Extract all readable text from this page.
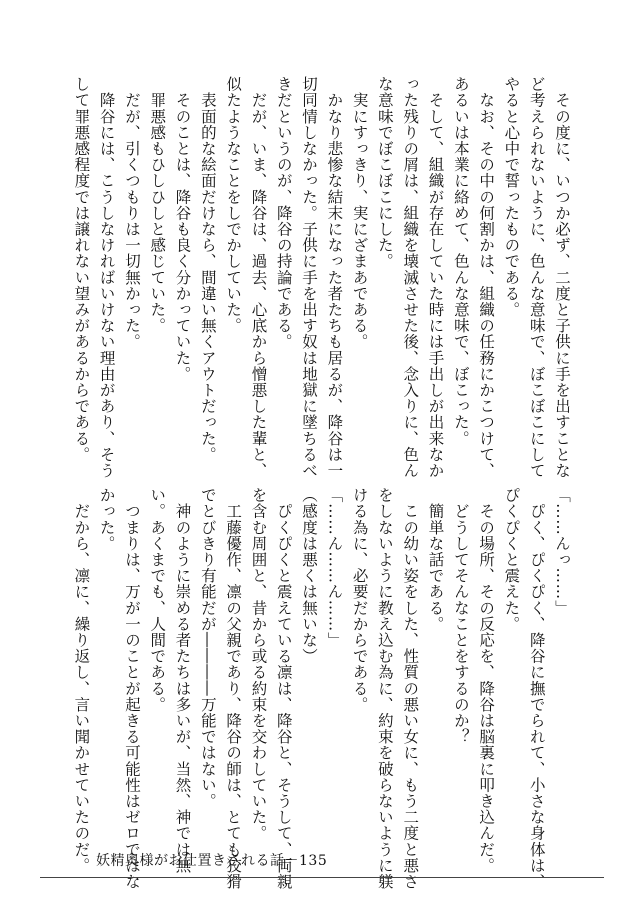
　その度に、いつか必ず、二度と子供に手を出すことな
ど考えられないように、色んな意味で、ぼこぼこにして
やると心中で誓ったものである。
　なお、その中の何割かは、組織の任務にかこつけて、
あるいは本業に絡めて、色んな意味で、ぼこった。
　そして、組織が存在していた時には手出しが出来なか
った残りの屑は、組織を壊滅させた後、念入りに、色ん
な意味でぼこぼこにした。
　実にすっきり、実にざまあである。
　かなり悲惨な結末になった者たちも居るが、降谷は一
切同情しなかった。子供に手を出す奴は地獄に墜ちるべ
きだというのが、降谷の持論である。
　だが、いま、降谷は、過去、心底から憎悪した輩と、
似たようなことをしでかしていた。
　表面的な絵面だけなら、間違い無くアウトだった。
　そのことは、降谷も良く分かっていた。
　罪悪感もひしひしと感じていた。
　だが、引くつもりは一切無かった。
　降谷には、こうしなければいけない理由があり、そう
して罪悪感程度では譲れない望みがあるからである。
「……んっ……」
　ぴく、ぴくぴく、降谷に撫でられて、小さな身体は、
ぴくぴくと震えた。
　その場所、その反応を、降谷は脳裏に叩き込んだ。
　どうしてそんなことをするのか？
　簡単な話である。
　この幼い姿をした、性質の悪い女に、もう二度と悪さ
をしないように教え込む為に、約束を破らないように躾
ける為に、必要だからである。
「……ん……ん……」
（感度は悪くは無いな）
　ぴくぴくと震えている凛は、降谷と、そうして、両親
を含む周囲と、昔から或る約束を交わしていた。
　工藤優作、凛の父親であり、降谷の師は、とても狡猾
でとびきり有能だが――――万能ではない。
　神のように崇める者たちは多いが、当然、神では無
い。あくまでも、人間である。
　つまりは、万が一のことが起きる可能性はゼロではな
かった。
　だから、凛に、繰り返し、言い聞かせていたのだ。 妖精奥様がお仕置きされる話－135
